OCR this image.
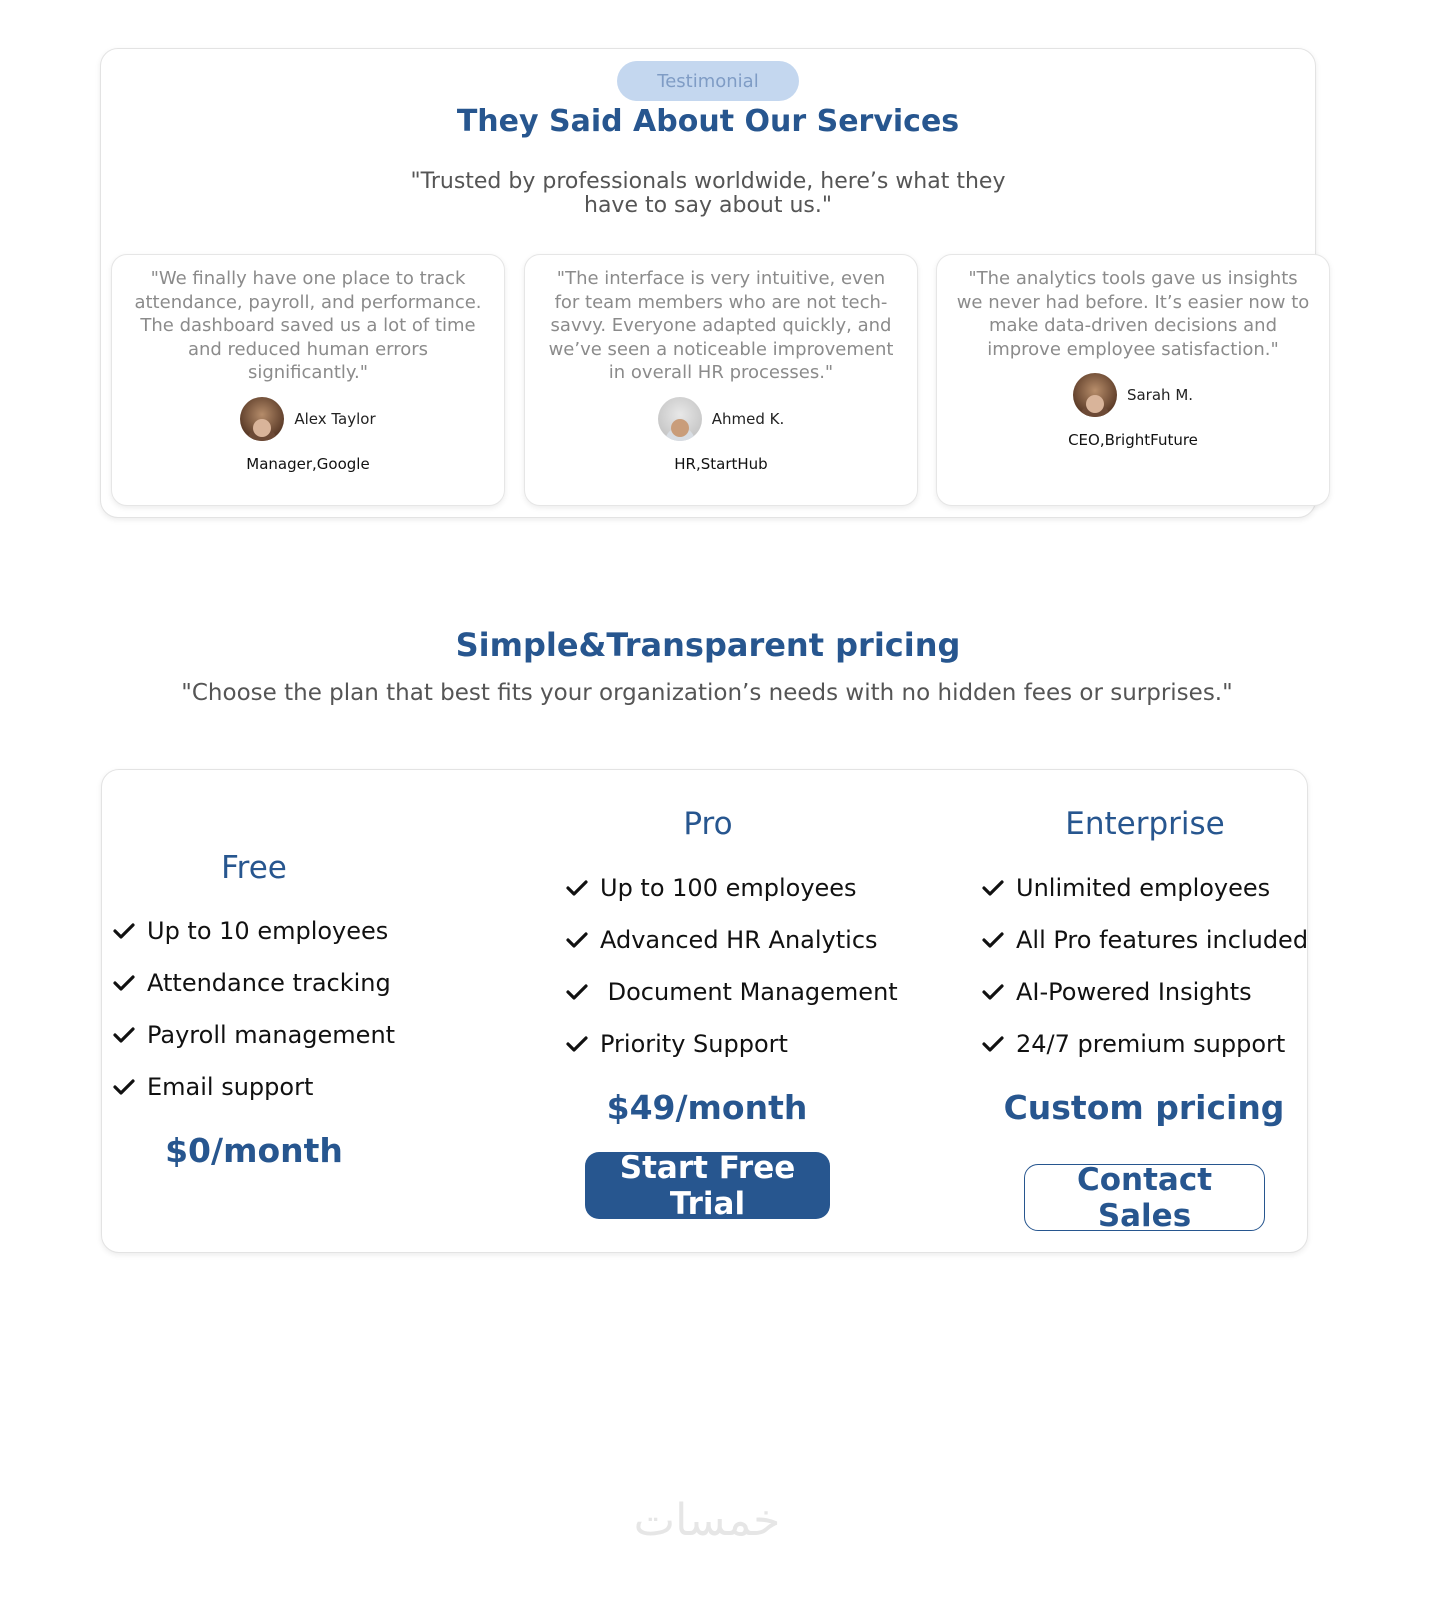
Testimonial
They Said About Our Services

"Trusted by professionals worldwide, here’s what they have to say about us."

"We finally have one place to track attendance, payroll, and performance. The dashboard saved us a lot of time and reduced human errors significantly."

Alex Taylor
Manager,Google

"The interface is very intuitive, even for team members who are not tech-savvy. Everyone adapted quickly, and we’ve seen a noticeable improvement in overall HR processes."

Ahmed K.
HR,StartHub

"The analytics tools gave us insights we never had before. It’s easier now to make data-driven decisions and improve employee satisfaction."

Sarah M.
CEO,BrightFuture
Simple&Transparent pricing

"Choose the plan that best fits your organization’s needs with no hidden fees or surprises."

Free
Up to 10 employees
Attendance tracking
Payroll management
Email support
$0/month
Pro
Up to 100 employees
Advanced HR Analytics
Document Management
Priority Support
$49/month
Start Free Trial
Enterprise
Unlimited employees
All Pro features included
AI-Powered Insights
24/7 premium support
Custom pricing
Contact Sales
خمسات
